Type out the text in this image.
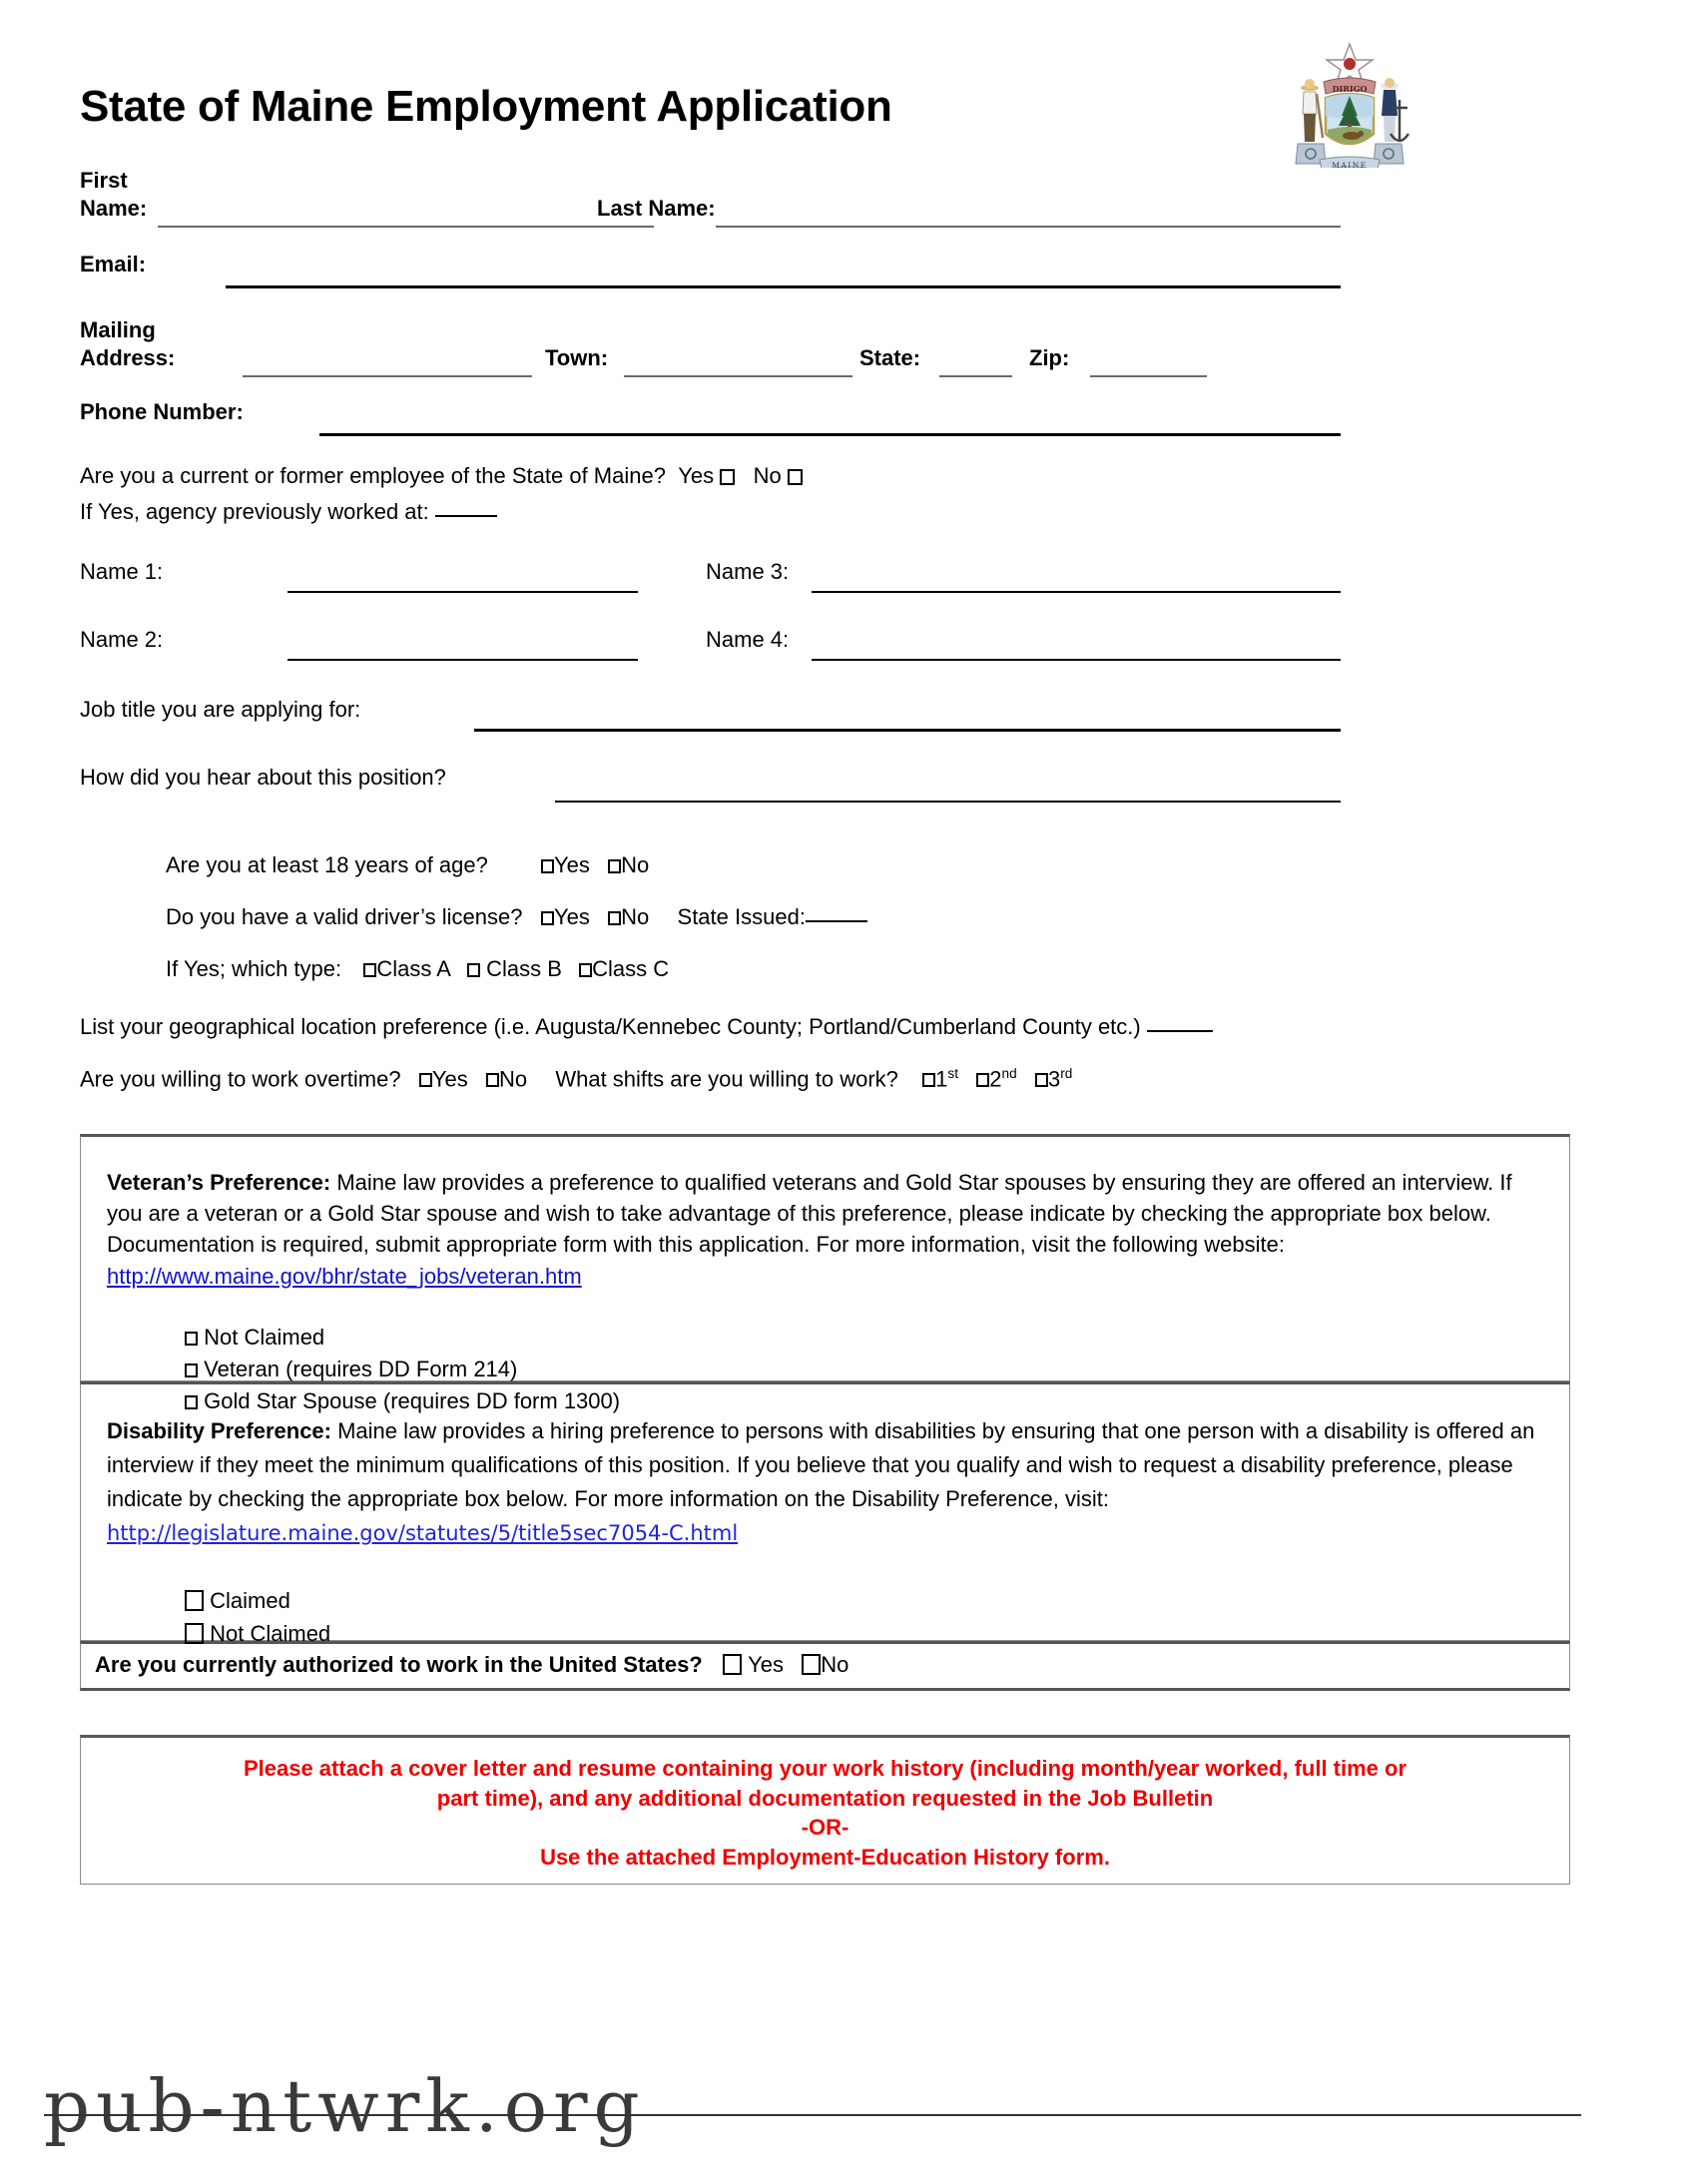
State of Maine Employment Application	DIRIGO
MAINE
First
Name:	Last Name:
Email:
Mailing
Address:	Town:	State:	Zip:
Phone Number:
Are you a current or former employee of the State of Maine? Yes No
If Yes, agency previously worked at:
Name 1:	Name 3:
Name 2:	Name 4:
Job title you are applying for:
How did you hear about this position?
Are you at least 18 years of age?	Yes No
Do you have a valid driver’s license?	Yes No State Issued:
If Yes; which type: Class A   Class B Class C
List your geographical location preference (i.e. Augusta/Kennebec County; Portland/Cumberland County etc.)
Are you willing to work overtime? Yes No What shifts are you willing to work? 1st 2nd 3rd
Veteran’s Preference: Maine law provides a preference to qualified veterans and Gold Star spouses by ensuring they are offered an interview. If you are a veteran or a Gold Star spouse and wish to take advantage of this preference, please indicate by checking the appropriate box below. Documentation is required, submit appropriate form with this application. For more information, visit the following website: http://www.maine.gov/bhr/state_jobs/veteran.htm
Not Claimed
Veteran (requires DD Form 214)
Gold Star Spouse (requires DD form 1300)
Disability Preference: Maine law provides a hiring preference to persons with disabilities by ensuring that one person with a disability is offered an interview if they meet the minimum qualifications of this position. If you believe that you qualify and wish to request a disability preference, please indicate by checking the appropriate box below. For more information on the Disability Preference, visit: http://legislature.maine.gov/statutes/5/title5sec7054-C.html
Claimed
Not Claimed
Are you currently authorized to work in the United States? Yes No
Please attach a cover letter and resume containing your work history (including month/year worked, full time or
part time), and any additional documentation requested in the Job Bulletin
-OR-
Use the attached Employment-Education History form.
pub-ntwrk.org
